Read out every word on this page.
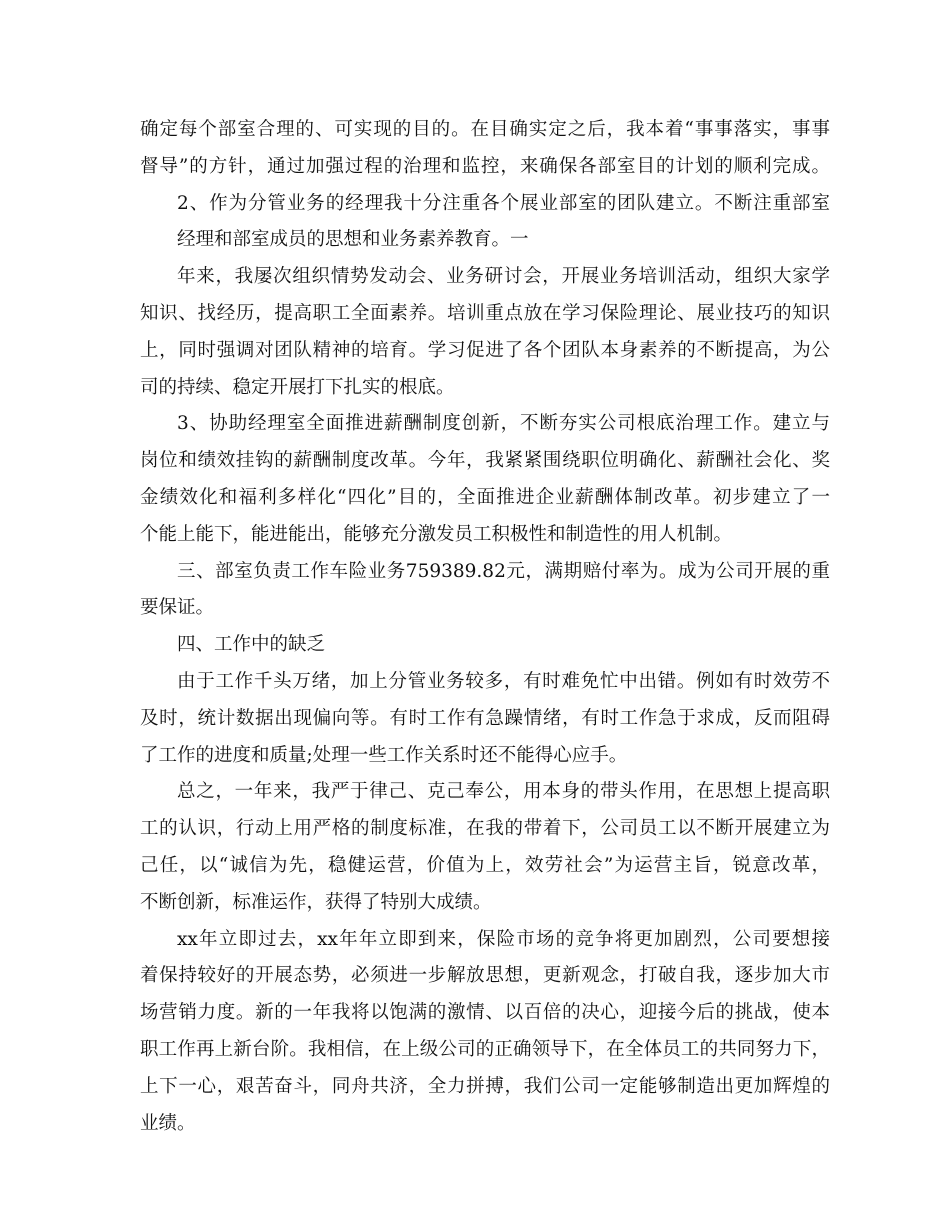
确定每个部室合理的、可实现的目的。在目确实定之后，我本着“事事落实，事事
督导”的方针，通过加强过程的治理和监控，来确保各部室目的计划的顺利完成。
2、作为分管业务的经理我十分注重各个展业部室的团队建立。不断注重部室
经理和部室成员的思想和业务素养教育。一
年来，我屡次组织情势发动会、业务研讨会，开展业务培训活动，组织大家学
知识、找经历，提高职工全面素养。培训重点放在学习保险理论、展业技巧的知识
上，同时强调对团队精神的培育。学习促进了各个团队本身素养的不断提高，为公
司的持续、稳定开展打下扎实的根底。
3、协助经理室全面推进薪酬制度创新，不断夯实公司根底治理工作。建立与
岗位和绩效挂钩的薪酬制度改革。今年，我紧紧围绕职位明确化、薪酬社会化、奖
金绩效化和福利多样化“四化”目的，全面推进企业薪酬体制改革。初步建立了一
个能上能下，能进能出，能够充分激发员工积极性和制造性的用人机制。
三、部室负责工作车险业务759389.82元，满期赔付率为。成为公司开展的重
要保证。
四、工作中的缺乏
由于工作千头万绪，加上分管业务较多，有时难免忙中出错。例如有时效劳不
及时，统计数据出现偏向等。有时工作有急躁情绪，有时工作急于求成，反而阻碍
了工作的进度和质量;处理一些工作关系时还不能得心应手。
总之，一年来，我严于律己、克己奉公，用本身的带头作用，在思想上提高职
工的认识，行动上用严格的制度标准，在我的带着下，公司员工以不断开展建立为
己任，以“诚信为先，稳健运营，价值为上，效劳社会”为运营主旨，锐意改革，
不断创新，标准运作，获得了特别大成绩。
xx年立即过去，xx年年立即到来，保险市场的竞争将更加剧烈，公司要想接
着保持较好的开展态势，必须进一步解放思想，更新观念，打破自我，逐步加大市
场营销力度。新的一年我将以饱满的激情、以百倍的决心，迎接今后的挑战，使本
职工作再上新台阶。我相信，在上级公司的正确领导下，在全体员工的共同努力下，
上下一心，艰苦奋斗，同舟共济，全力拼搏，我们公司一定能够制造出更加辉煌的
业绩。
